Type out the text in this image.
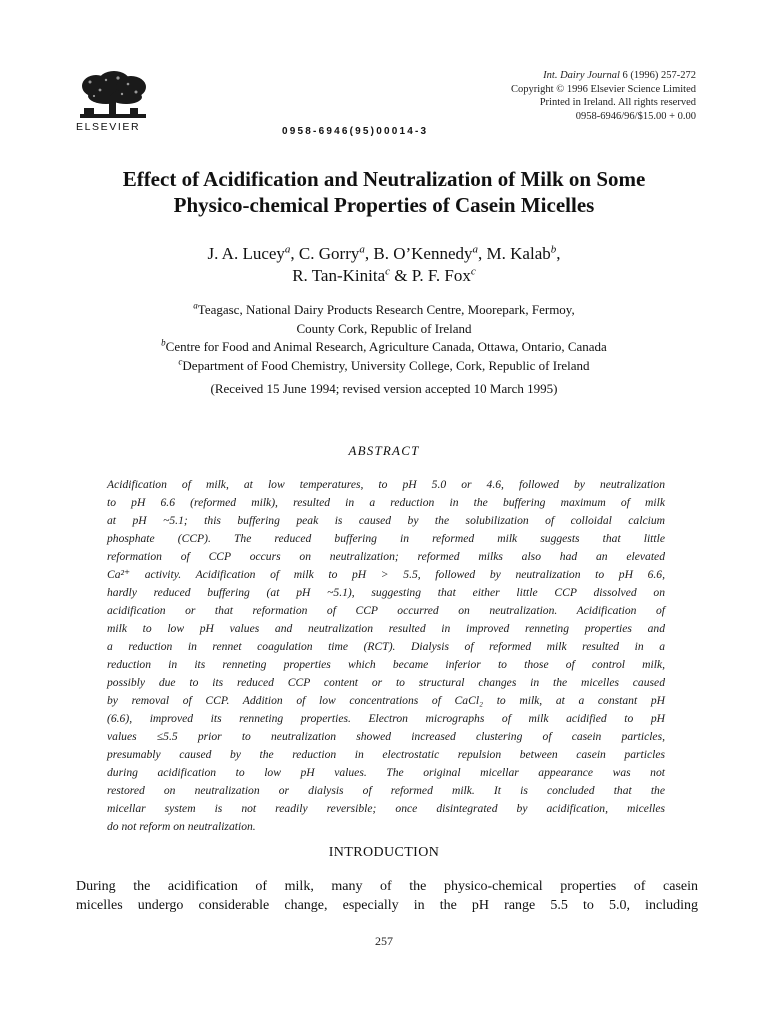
ELSEVIER	0958-6946(95)00014-3
Int. Dairy Journal 6 (1996) 257-272
Copyright © 1996 Elsevier Science Limited
Printed in Ireland. All rights reserved
0958-6946/96/$15.00 + 0.00
Effect of Acidification and Neutralization of Milk on Some
Physico-chemical Properties of Casein Micelles
J. A. Lucey$^a$, C. Gorry$^a$, B. O’Kennedy$^a$, M. Kalab$^b$,
R. Tan-Kinita$^c$ & P. F. Fox$^c$
$^a$Teagasc, National Dairy Products Research Centre, Moorepark, Fermoy,
County Cork, Republic of Ireland
$^b$Centre for Food and Animal Research, Agriculture Canada, Ottawa, Ontario, Canada
$^c$Department of Food Chemistry, University College, Cork, Republic of Ireland
(Received 15 June 1994; revised version accepted 10 March 1995)
ABSTRACT
Acidification of milk, at low temperatures, to pH 5.0 or 4.6, followed by neutralization
to pH 6.6 (reformed milk), resulted in a reduction in the buffering maximum of milk
at pH ~5.1; this buffering peak is caused by the solubilization of colloidal calcium
phosphate (CCP). The reduced buffering in reformed milk suggests that little
reformation of CCP occurs on neutralization; reformed milks also had an elevated
Ca²⁺ activity. Acidification of milk to pH > 5.5, followed by neutralization to pH 6.6,
hardly reduced buffering (at pH ~5.1), suggesting that either little CCP dissolved on
acidification or that reformation of CCP occurred on neutralization. Acidification of
milk to low pH values and neutralization resulted in improved renneting properties and
a reduction in rennet coagulation time (RCT). Dialysis of reformed milk resulted in a
reduction in its renneting properties which became inferior to those of control milk,
possibly due to its reduced CCP content or to structural changes in the micelles caused
by removal of CCP. Addition of low concentrations of CaCl₂ to milk, at a constant pH
(6.6), improved its renneting properties. Electron micrographs of milk acidified to pH
values ≤5.5 prior to neutralization showed increased clustering of casein particles,
presumably caused by the reduction in electrostatic repulsion between casein particles
during acidification to low pH values. The original micellar appearance was not
restored on neutralization or dialysis of reformed milk. It is concluded that the
micellar system is not readily reversible; once disintegrated by acidification, micelles
do not reform on neutralization.
INTRODUCTION
During the acidification of milk, many of the physico-chemical properties of casein
micelles undergo considerable change, especially in the pH range 5.5 to 5.0, including
257
